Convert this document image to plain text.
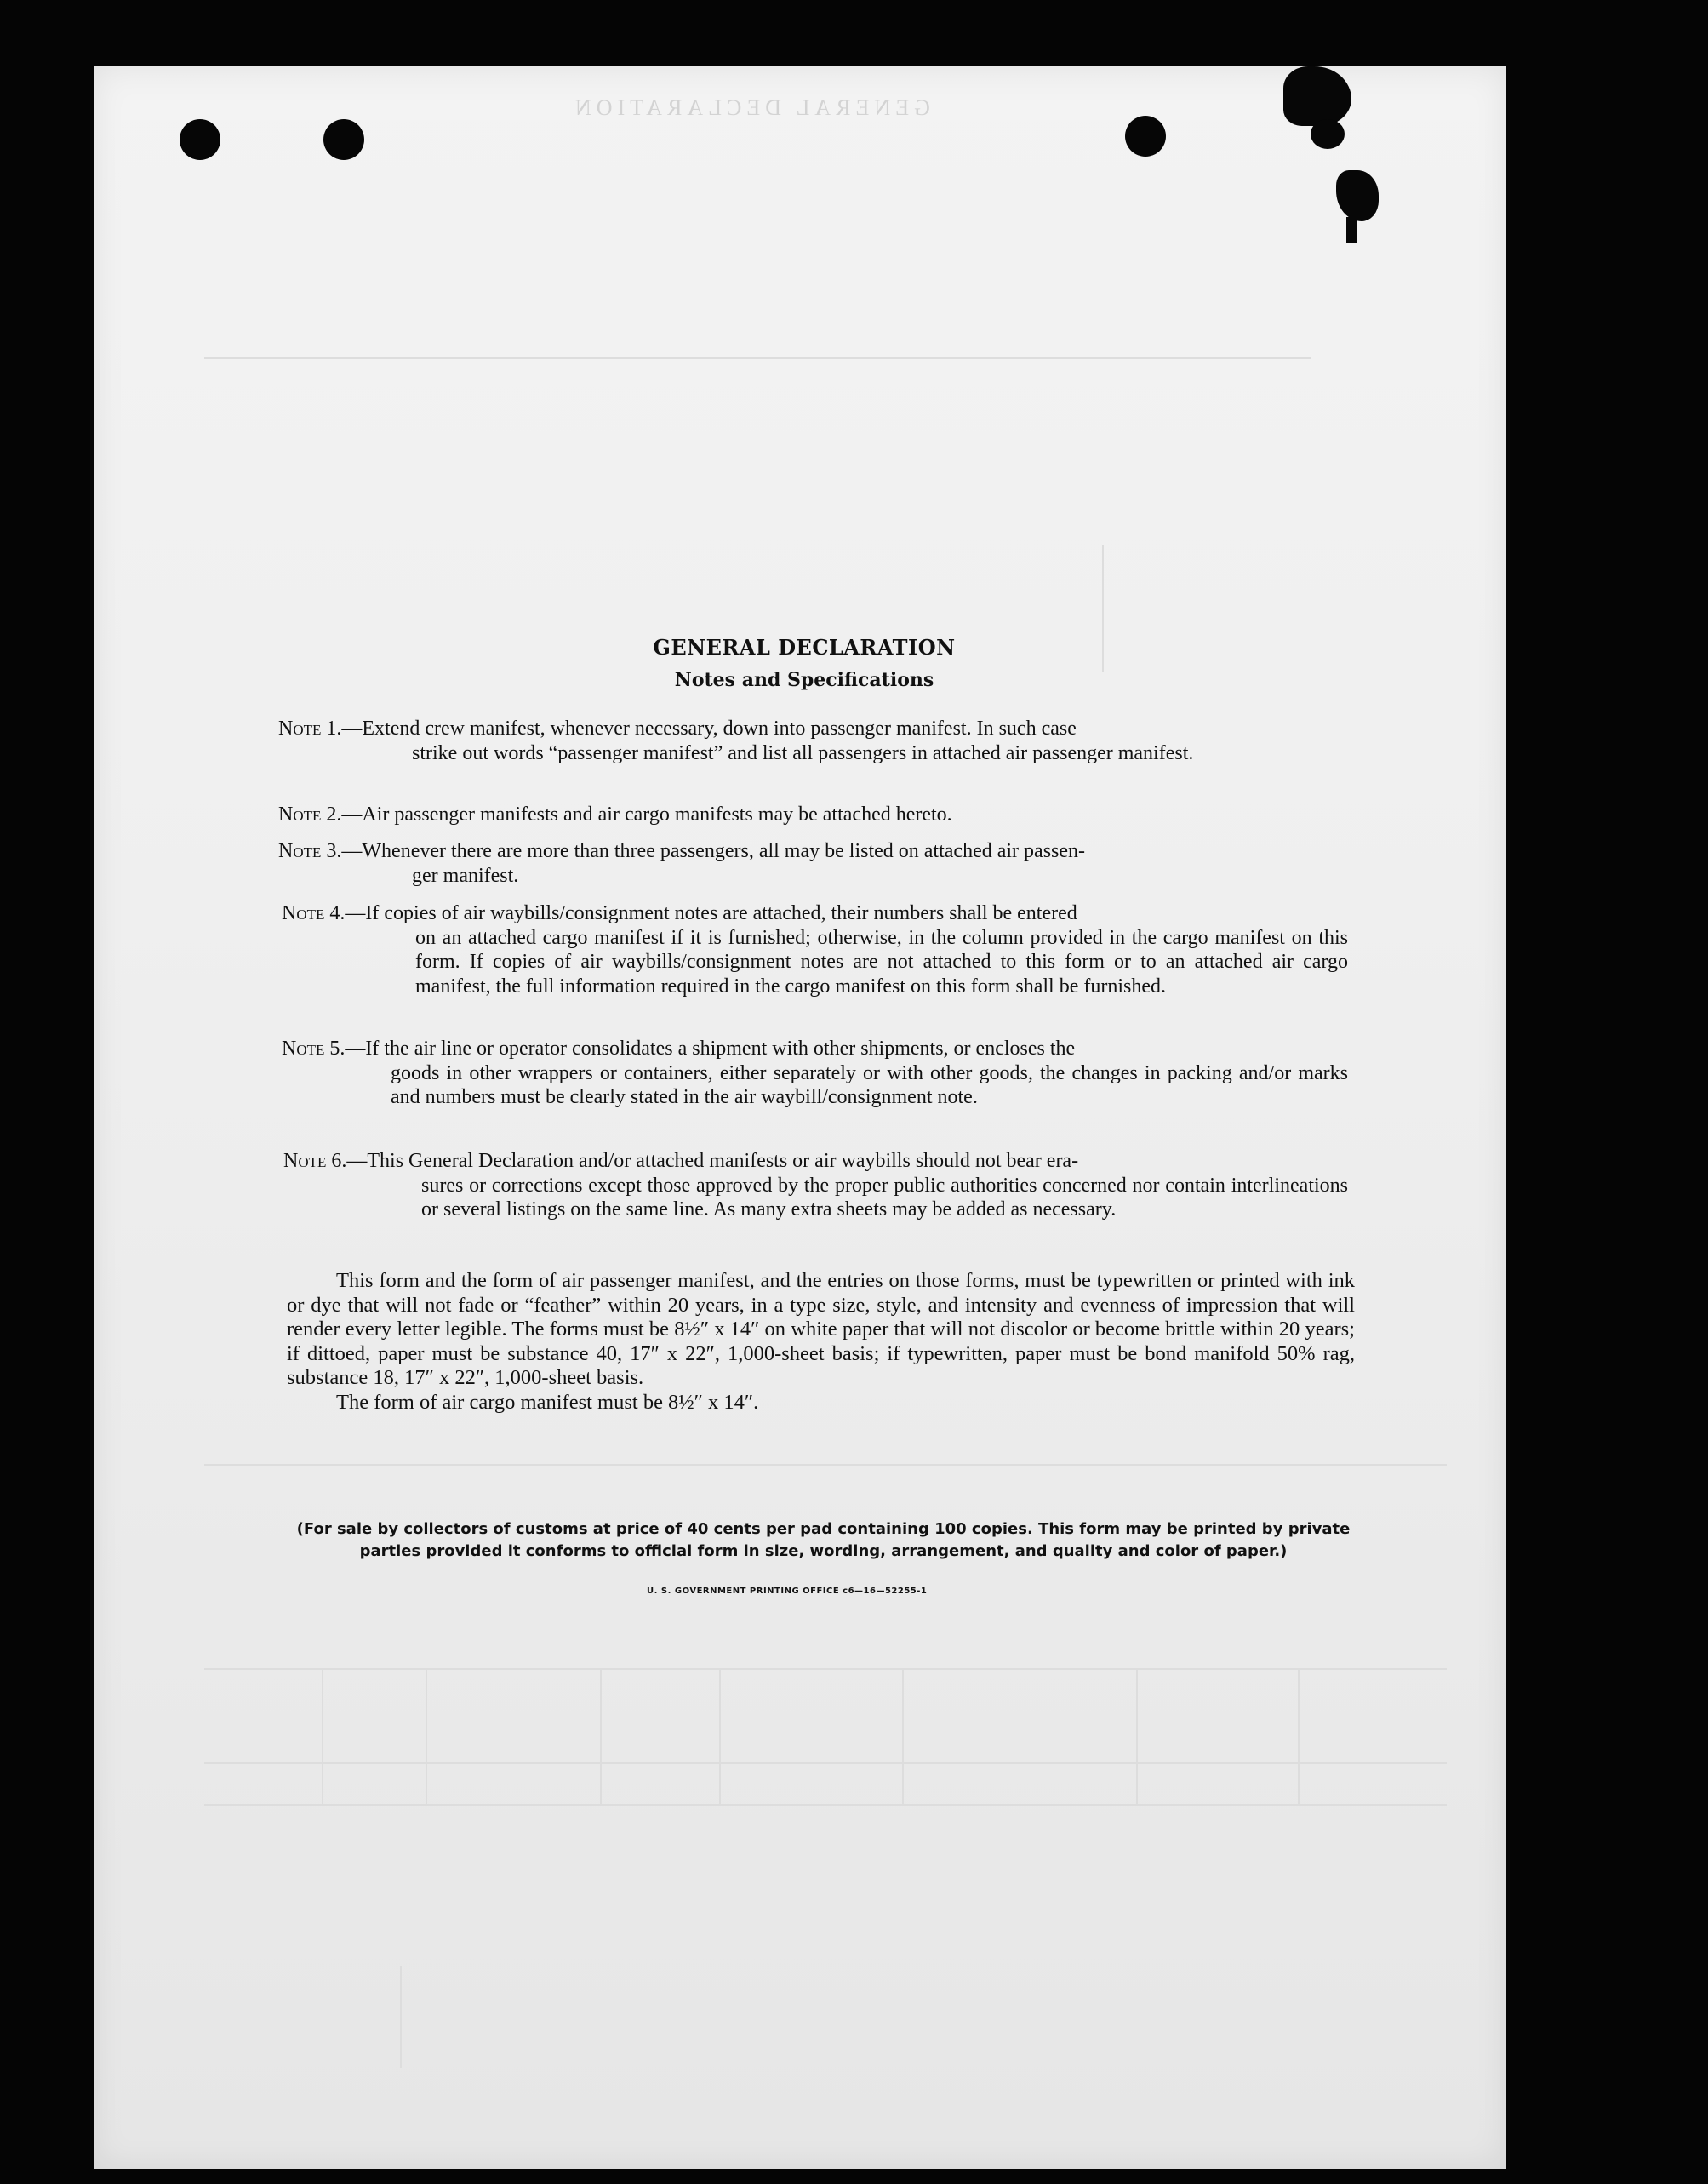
GENERAL DECLARATION
GENERAL DECLARATION
Notes and Specifications
Note 1.—Extend crew manifest, whenever necessary, down into passenger manifest. In such case
strike out words “passenger manifest” and list all passengers in attached air passenger manifest.
Note 2.—Air passenger manifests and air cargo manifests may be attached hereto.
Note 3.—Whenever there are more than three passengers, all may be listed on attached air passen-
ger manifest.
Note 4.—If copies of air waybills/consignment notes are attached, their numbers shall be entered
on an attached cargo manifest if it is furnished; otherwise, in the column provided in the cargo manifest on this form. If copies of air waybills/consignment notes are not attached to this form or to an attached air cargo manifest, the full information required in the cargo manifest on this form shall be furnished.
Note 5.—If the air line or operator consolidates a shipment with other shipments, or encloses the
goods in other wrappers or containers, either separately or with other goods, the changes in packing and/or marks and numbers must be clearly stated in the air waybill/consignment note.
Note 6.—This General Declaration and/or attached manifests or air waybills should not bear era-
sures or corrections except those approved by the proper public authorities concerned nor contain interlineations or several listings on the same line. As many extra sheets may be added as necessary.
This form and the form of air passenger manifest, and the entries on those forms, must be typewritten or printed with ink or dye that will not fade or “feather” within 20 years, in a type size, style, and intensity and evenness of impression that will render every letter legible. The forms must be 8½″ x 14″ on white paper that will not discolor or become brittle within 20 years; if dittoed, paper must be substance 40, 17″ x 22″, 1,000-sheet basis; if typewritten, paper must be bond manifold 50% rag, substance 18, 17″ x 22″, 1,000-sheet basis.
The form of air cargo manifest must be 8½″ x 14″.
(For sale by collectors of customs at price of 40 cents per pad containing 100 copies. This form may be printed by private parties provided it conforms to official form in size, wording, arrangement, and quality and color of paper.)
U. S. GOVERNMENT PRINTING OFFICE c6—16—52255-1
